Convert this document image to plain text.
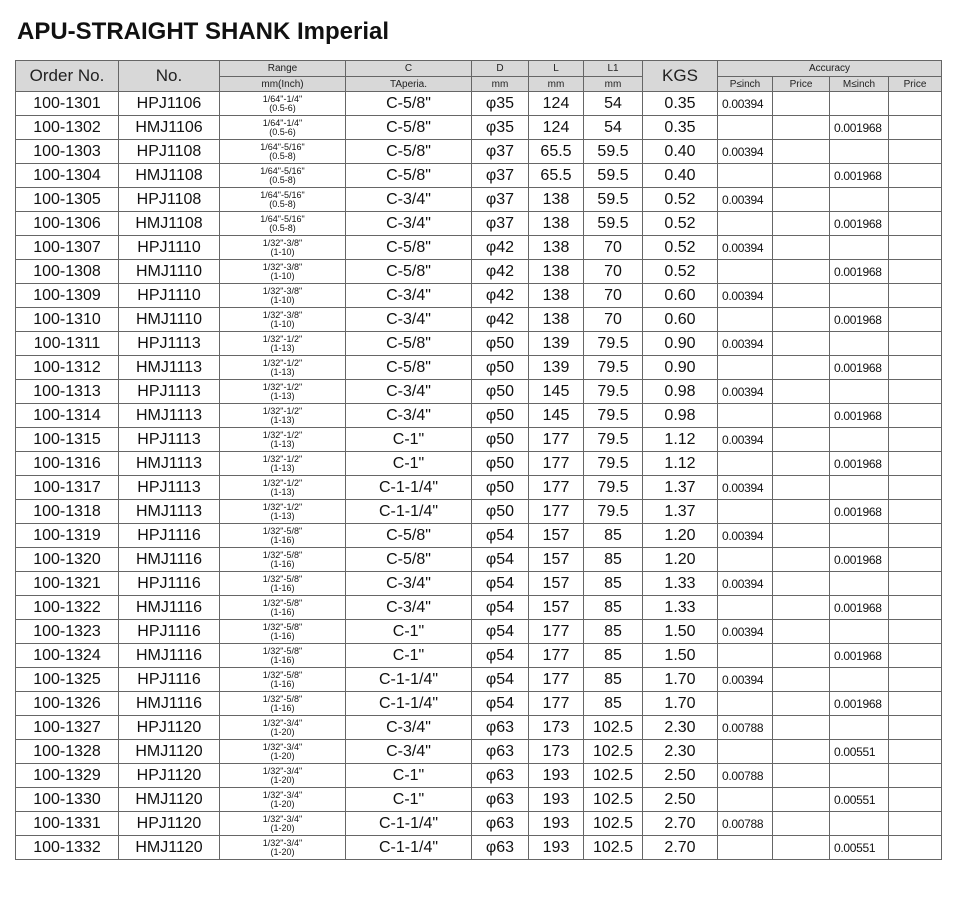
APU-STRAIGHT SHANK Imperial
Order No.	No.	Range	C	D	L	L1	KGS	Accuracy			
		mm(Inch)	TAperia.	mm	mm	mm		P≤inch	Price	M≤inch	Price
100-1301	HPJ1106	1/64"-1/4"
(0.5-6)	C-5/8"	φ35	124	54	0.35	0.00394			
100-1302	HMJ1106	1/64"-1/4"
(0.5-6)	C-5/8"	φ35	124	54	0.35			0.001968	
100-1303	HPJ1108	1/64"-5/16"
(0.5-8)	C-5/8"	φ37	65.5	59.5	0.40	0.00394			
100-1304	HMJ1108	1/64"-5/16"
(0.5-8)	C-5/8"	φ37	65.5	59.5	0.40			0.001968	
100-1305	HPJ1108	1/64"-5/16"
(0.5-8)	C-3/4"	φ37	138	59.5	0.52	0.00394			
100-1306	HMJ1108	1/64"-5/16"
(0.5-8)	C-3/4"	φ37	138	59.5	0.52			0.001968	
100-1307	HPJ1110	1/32"-3/8"
(1-10)	C-5/8"	φ42	138	70	0.52	0.00394			
100-1308	HMJ1110	1/32"-3/8"
(1-10)	C-5/8"	φ42	138	70	0.52			0.001968	
100-1309	HPJ1110	1/32"-3/8"
(1-10)	C-3/4"	φ42	138	70	0.60	0.00394			
100-1310	HMJ1110	1/32"-3/8"
(1-10)	C-3/4"	φ42	138	70	0.60			0.001968	
100-1311	HPJ1113	1/32"-1/2"
(1-13)	C-5/8"	φ50	139	79.5	0.90	0.00394			
100-1312	HMJ1113	1/32"-1/2"
(1-13)	C-5/8"	φ50	139	79.5	0.90			0.001968	
100-1313	HPJ1113	1/32"-1/2"
(1-13)	C-3/4"	φ50	145	79.5	0.98	0.00394			
100-1314	HMJ1113	1/32"-1/2"
(1-13)	C-3/4"	φ50	145	79.5	0.98			0.001968	
100-1315	HPJ1113	1/32"-1/2"
(1-13)	C-1"	φ50	177	79.5	1.12	0.00394			
100-1316	HMJ1113	1/32"-1/2"
(1-13)	C-1"	φ50	177	79.5	1.12			0.001968	
100-1317	HPJ1113	1/32"-1/2"
(1-13)	C-1-1/4"	φ50	177	79.5	1.37	0.00394			
100-1318	HMJ1113	1/32"-1/2"
(1-13)	C-1-1/4"	φ50	177	79.5	1.37			0.001968	
100-1319	HPJ1116	1/32"-5/8"
(1-16)	C-5/8"	φ54	157	85	1.20	0.00394			
100-1320	HMJ1116	1/32"-5/8"
(1-16)	C-5/8"	φ54	157	85	1.20			0.001968	
100-1321	HPJ1116	1/32"-5/8"
(1-16)	C-3/4"	φ54	157	85	1.33	0.00394			
100-1322	HMJ1116	1/32"-5/8"
(1-16)	C-3/4"	φ54	157	85	1.33			0.001968	
100-1323	HPJ1116	1/32"-5/8"
(1-16)	C-1"	φ54	177	85	1.50	0.00394			
100-1324	HMJ1116	1/32"-5/8"
(1-16)	C-1"	φ54	177	85	1.50			0.001968	
100-1325	HPJ1116	1/32"-5/8"
(1-16)	C-1-1/4"	φ54	177	85	1.70	0.00394			
100-1326	HMJ1116	1/32"-5/8"
(1-16)	C-1-1/4"	φ54	177	85	1.70			0.001968	
100-1327	HPJ1120	1/32"-3/4"
(1-20)	C-3/4"	φ63	173	102.5	2.30	0.00788			
100-1328	HMJ1120	1/32"-3/4"
(1-20)	C-3/4"	φ63	173	102.5	2.30			0.00551	
100-1329	HPJ1120	1/32"-3/4"
(1-20)	C-1"	φ63	193	102.5	2.50	0.00788			
100-1330	HMJ1120	1/32"-3/4"
(1-20)	C-1"	φ63	193	102.5	2.50			0.00551	
100-1331	HPJ1120	1/32"-3/4"
(1-20)	C-1-1/4"	φ63	193	102.5	2.70	0.00788			
100-1332	HMJ1120	1/32"-3/4"
(1-20)	C-1-1/4"	φ63	193	102.5	2.70			0.00551	
